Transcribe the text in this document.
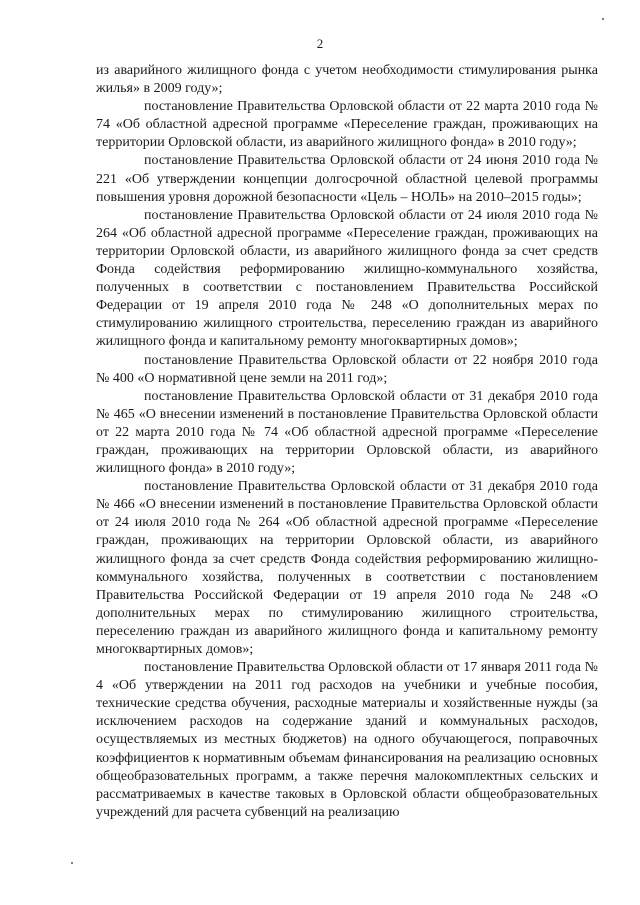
2

из аварийного жилищного фонда с учетом необходимости стимулирования рынка жилья» в 2009 году»;

постановление Правительства Орловской области от 22 марта 2010 года № 74 «Об областной адресной программе «Переселение граждан, проживающих на территории Орловской области, из аварийного жилищного фонда» в 2010 году»;

постановление Правительства Орловской области от 24 июня 2010 года № 221 «Об утверждении концепции долгосрочной областной целевой программы повышения уровня дорожной безопасности «Цель – НОЛЬ» на 2010–2015 годы»;

постановление Правительства Орловской области от 24 июля 2010 года № 264 «Об областной адресной программе «Переселение граждан, проживающих на территории Орловской области, из аварийного жилищного фонда за счет средств Фонда содействия реформированию жилищно-коммунального хозяйства, полученных в соответствии с постановлением Правительства Российской Федерации от 19 апреля 2010 года № 248 «О дополнительных мерах по стимулированию жилищного строительства, переселению граждан из аварийного жилищного фонда и капитальному ремонту многоквартирных домов»;

постановление Правительства Орловской области от 22 ноября 2010 года № 400 «О нормативной цене земли на 2011 год»;

постановление Правительства Орловской области от 31 декабря 2010 года № 465 «О внесении изменений в постановление Правительства Орловской области от 22 марта 2010 года № 74 «Об областной адресной программе «Переселение граждан, проживающих на территории Орловской области, из аварийного жилищного фонда» в 2010 году»;

постановление Правительства Орловской области от 31 декабря 2010 года № 466 «О внесении изменений в постановление Правительства Орловской области от 24 июля 2010 года № 264 «Об областной адресной программе «Переселение граждан, проживающих на территории Орловской области, из аварийного жилищного фонда за счет средств Фонда содействия реформированию жилищно-коммунального хозяйства, полученных в соответствии с постановлением Правительства Российской Федерации от 19 апреля 2010 года № 248 «О дополнительных мерах по стимулированию жилищного строительства, переселению граждан из аварийного жилищного фонда и капитальному ремонту многоквартирных домов»;

постановление Правительства Орловской области от 17 января 2011 года № 4 «Об утверждении на 2011 год расходов на учебники и учебные пособия, технические средства обучения, расходные материалы и хозяйственные нужды (за исключением расходов на содержание зданий и коммунальных расходов, осуществляемых из местных бюджетов) на одного обучающегося, поправочных коэффициентов к нормативным объемам финансирования на реализацию основных общеобразовательных программ, а также перечня малокомплектных сельских и рассматриваемых в качестве таковых в Орловской области общеобразовательных учреждений для расчета субвенций на реализацию
